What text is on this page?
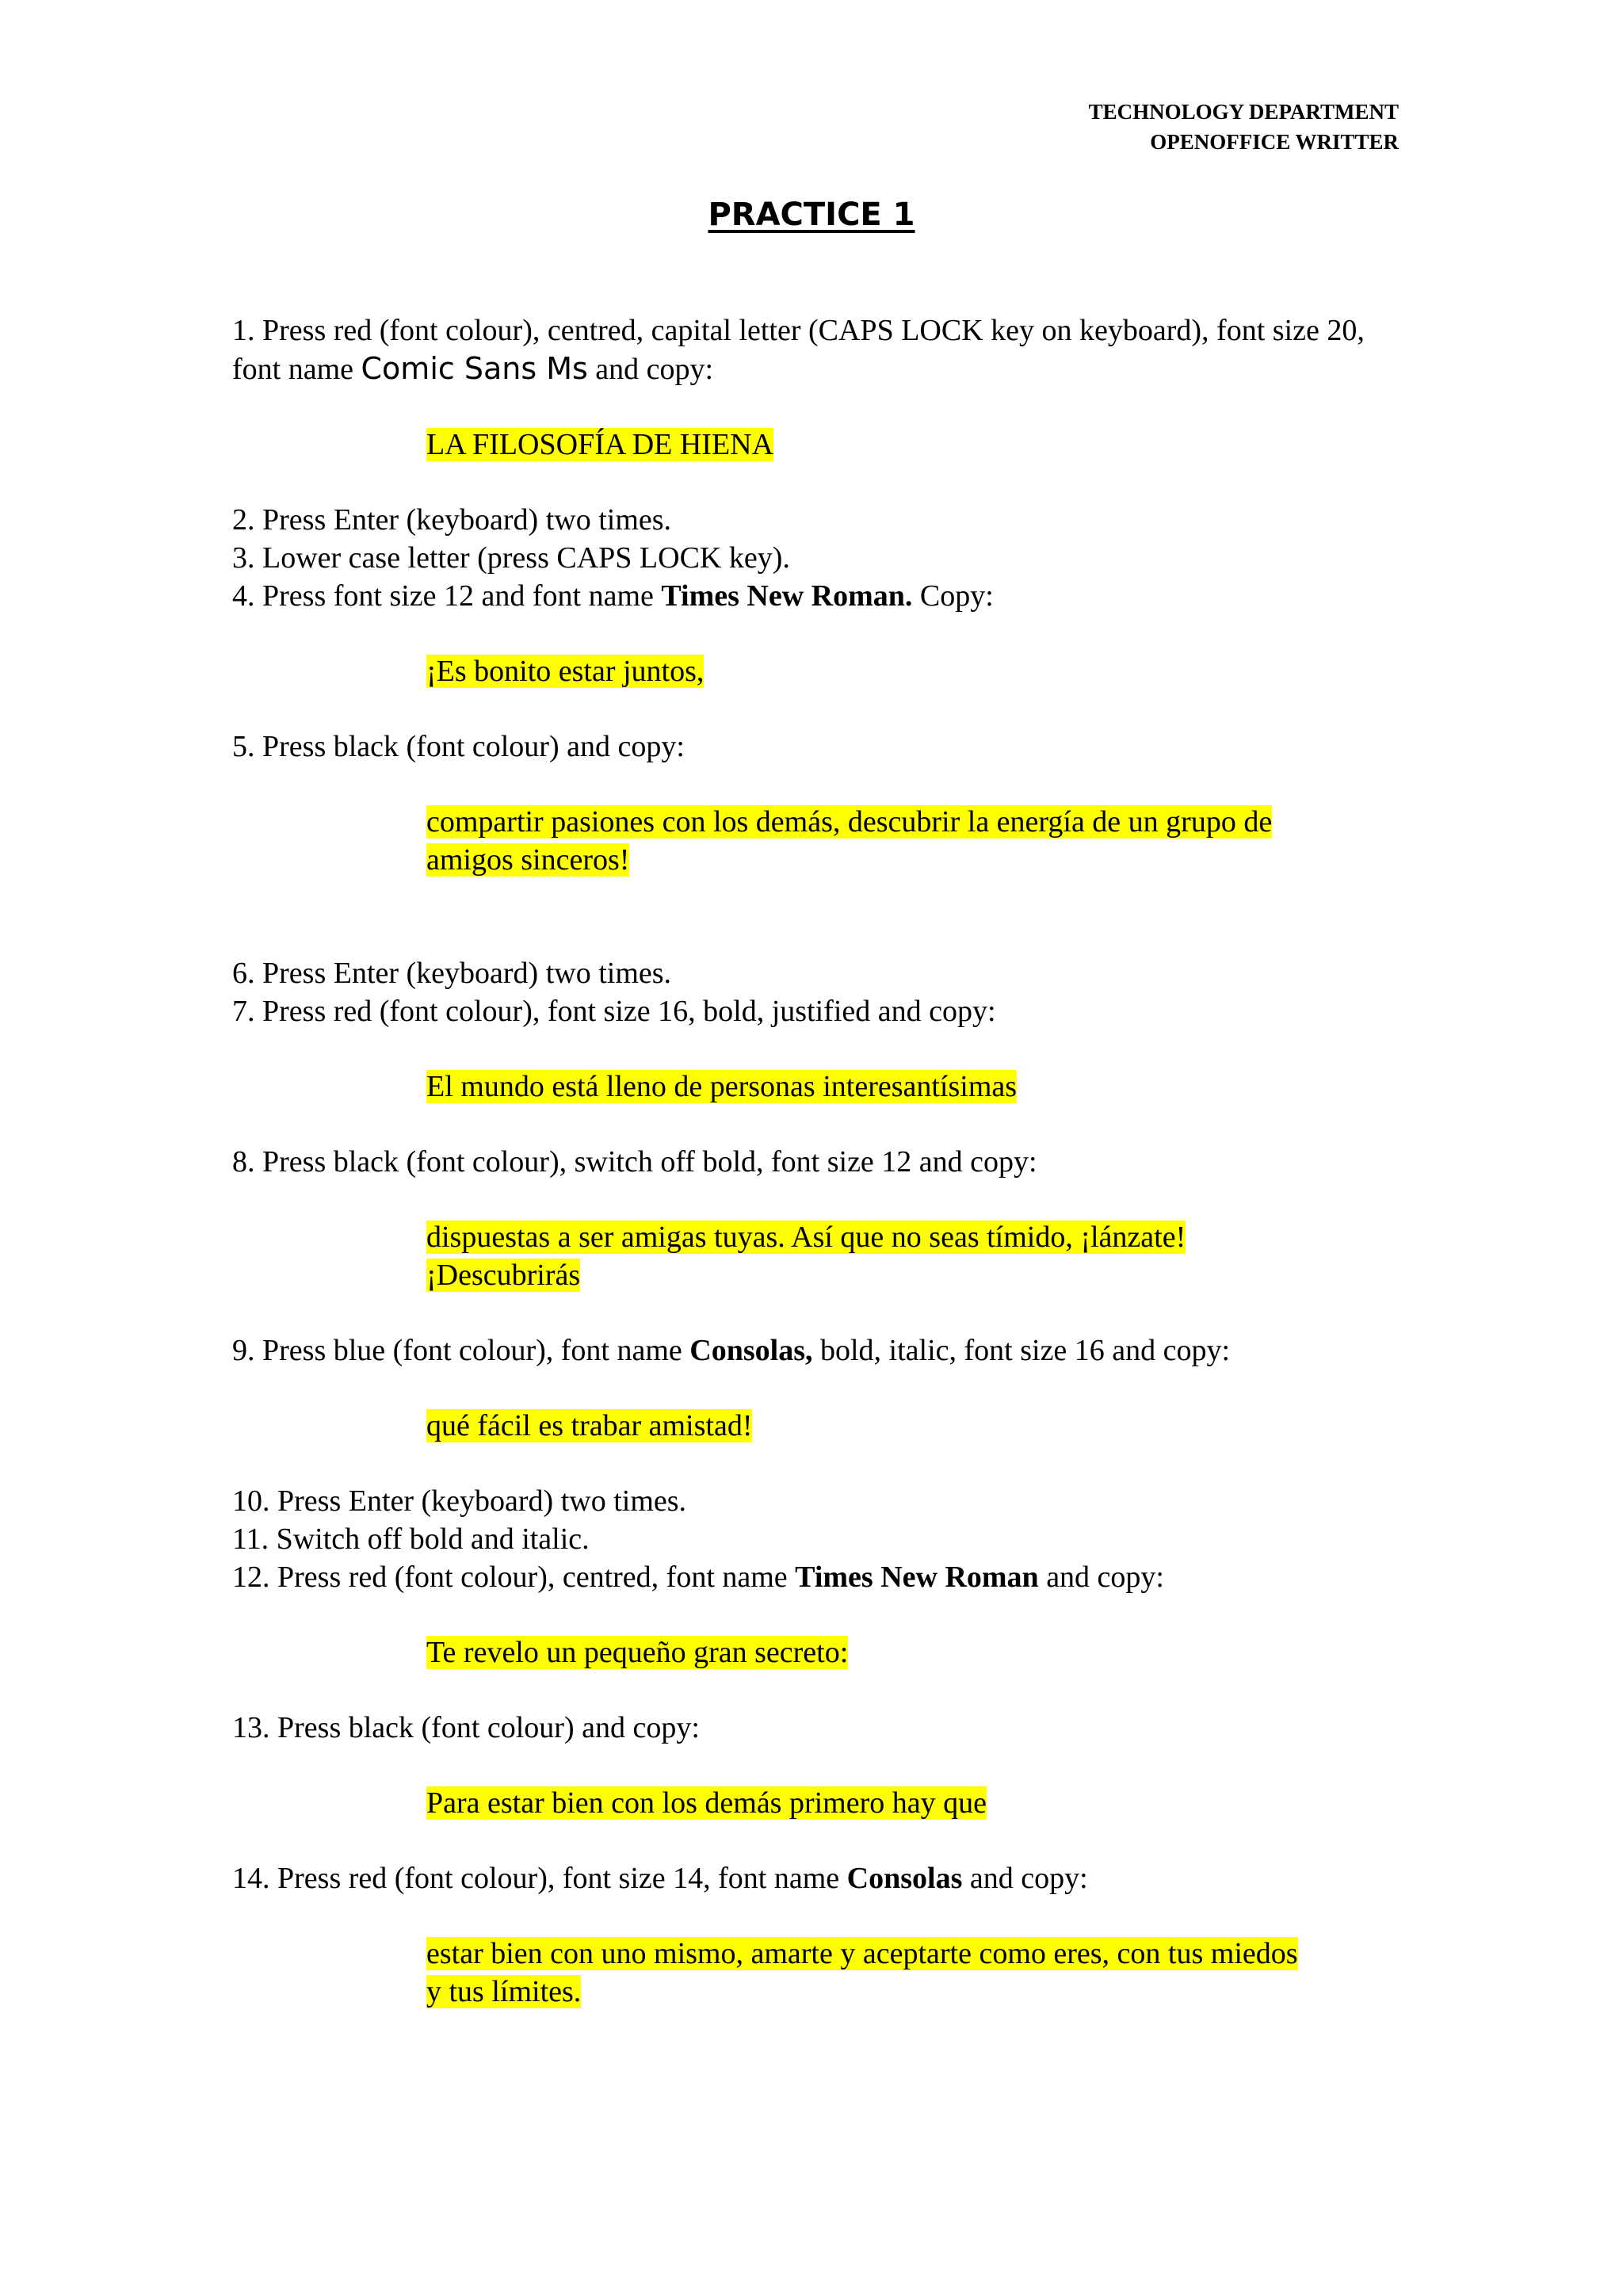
TECHNOLOGY DEPARTMENT
OPENOFFICE WRITTER
PRACTICE 1

1. Press red (font colour), centred, capital letter (CAPS LOCK key on keyboard), font size 20, font name Comic Sans Ms and copy:

LA FILOSOFÍA DE HIENA

2. Press Enter (keyboard) two times.

3. Lower case letter (press CAPS LOCK key).

4. Press font size 12 and font name Times New Roman. Copy:

¡Es bonito estar juntos,

5. Press black (font colour) and copy:

compartir pasiones con los demás, descubrir la energía de un grupo de
amigos sinceros!

6. Press Enter (keyboard) two times.

7. Press red (font colour), font size 16, bold, justified and copy:

El mundo está lleno de personas interesantísimas

8. Press black (font colour), switch off bold, font size 12 and copy:

dispuestas a ser amigas tuyas. Así que no seas tímido, ¡lánzate!
¡Descubrirás

9. Press blue (font colour), font name Consolas, bold, italic, font size 16 and copy:

qué fácil es trabar amistad!

10. Press Enter (keyboard) two times.

11. Switch off bold and italic.

12. Press red (font colour), centred, font name Times New Roman and copy:

Te revelo un pequeño gran secreto:

13. Press black (font colour) and copy:

Para estar bien con los demás primero hay que

14. Press red (font colour), font size 14, font name Consolas and copy:

estar bien con uno mismo, amarte y aceptarte como eres, con tus miedos
y tus límites.
